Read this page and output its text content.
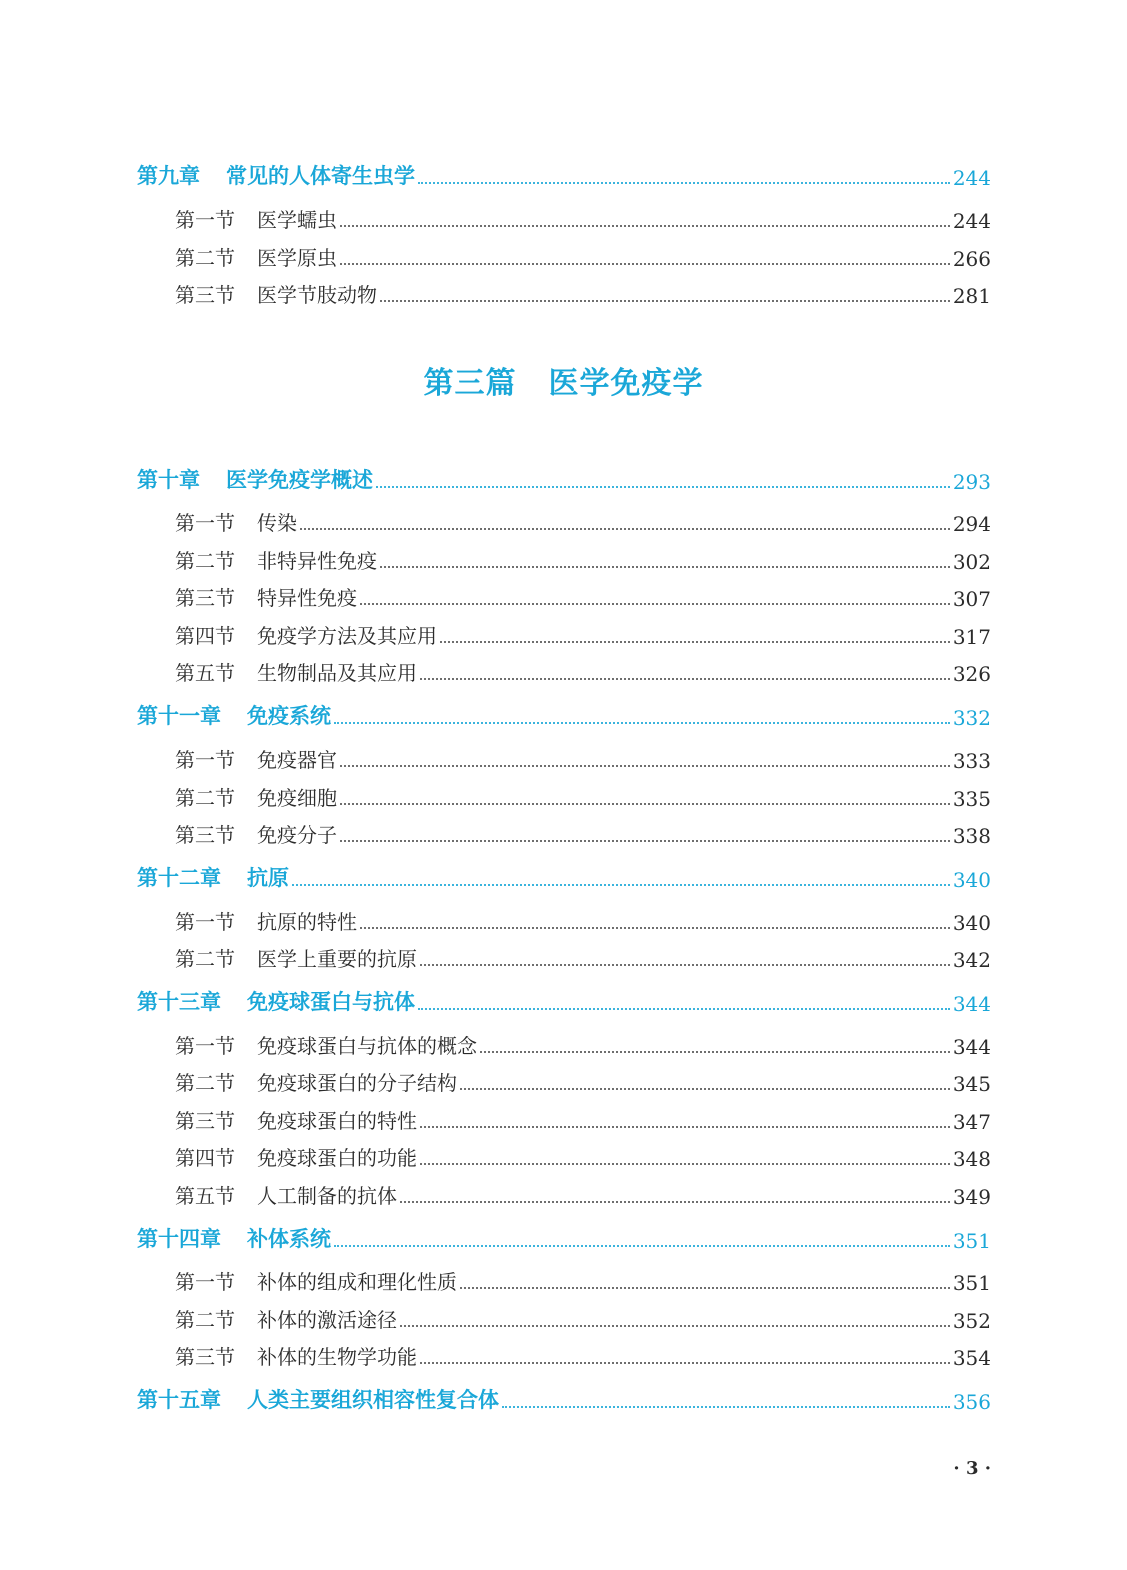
第九章 常见的人体寄生虫学	244
第一节 医学蠕虫	244
第二节 医学原虫	266
第三节 医学节肢动物	281
第三篇 医学免疫学
第十章 医学免疫学概述	293
第一节 传染	294
第二节 非特异性免疫	302
第三节 特异性免疫	307
第四节 免疫学方法及其应用	317
第五节 生物制品及其应用	326
第十一章 免疫系统	332
第一节 免疫器官	333
第二节 免疫细胞	335
第三节 免疫分子	338
第十二章 抗原	340
第一节 抗原的特性	340
第二节 医学上重要的抗原	342
第十三章 免疫球蛋白与抗体	344
第一节 免疫球蛋白与抗体的概念	344
第二节 免疫球蛋白的分子结构	345
第三节 免疫球蛋白的特性	347
第四节 免疫球蛋白的功能	348
第五节 人工制备的抗体	349
第十四章 补体系统	351
第一节 补体的组成和理化性质	351
第二节 补体的激活途径	352
第三节 补体的生物学功能	354
第十五章 人类主要组织相容性复合体	356
· 3 ·
